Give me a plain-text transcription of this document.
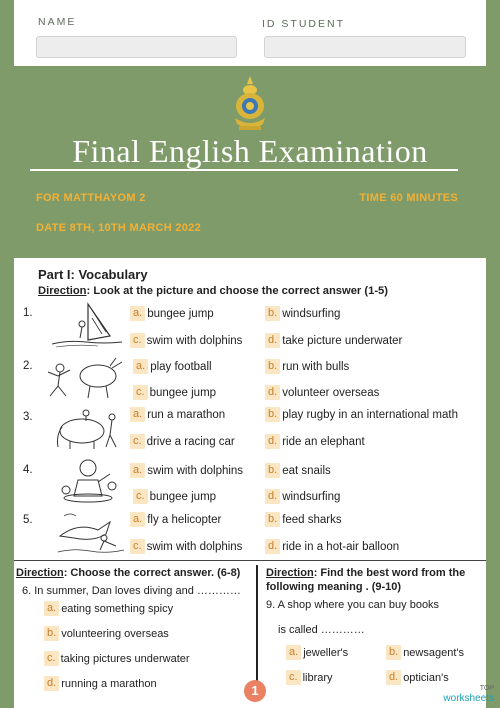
NAME	ID STUDENT
Final English Examination
FOR MATTHAYOM 2	TIME 60 MINUTES
DATE 8TH, 10TH MARCH 2022
Part I: Vocabulary
Direction: Look at the picture and choose the correct answer (1-5)
1.	a. bungee jump	b. windsurfing
c. swim with dolphins d. take picture underwater
2.	a. play football	b. run with bulls
c. bungee jump	d. volunteer overseas
3.	a. run a marathon	b. play rugby in an international math
c. drive a racing car	d. ride an elephant
4.	a. swim with dolphins b. eat snails
c. bungee jump	d. windsurfing
5.	a. fly a helicopter	b. feed sharks
c. swim with dolphins d. ride in a hot-air balloon
Direction: Choose the correct answer. (6-8)
6. In summer, Dan loves diving and …………
a. eating something spicy
b. volunteering overseas
c. taking pictures underwater
d. running a marathon
Direction: Find the best word from the
following meaning . (9-10)
9. A shop where you can buy books
is called …………
a. jeweller's	b. newsagent's
c. library	d. optician's
1	TOP
worksheets
